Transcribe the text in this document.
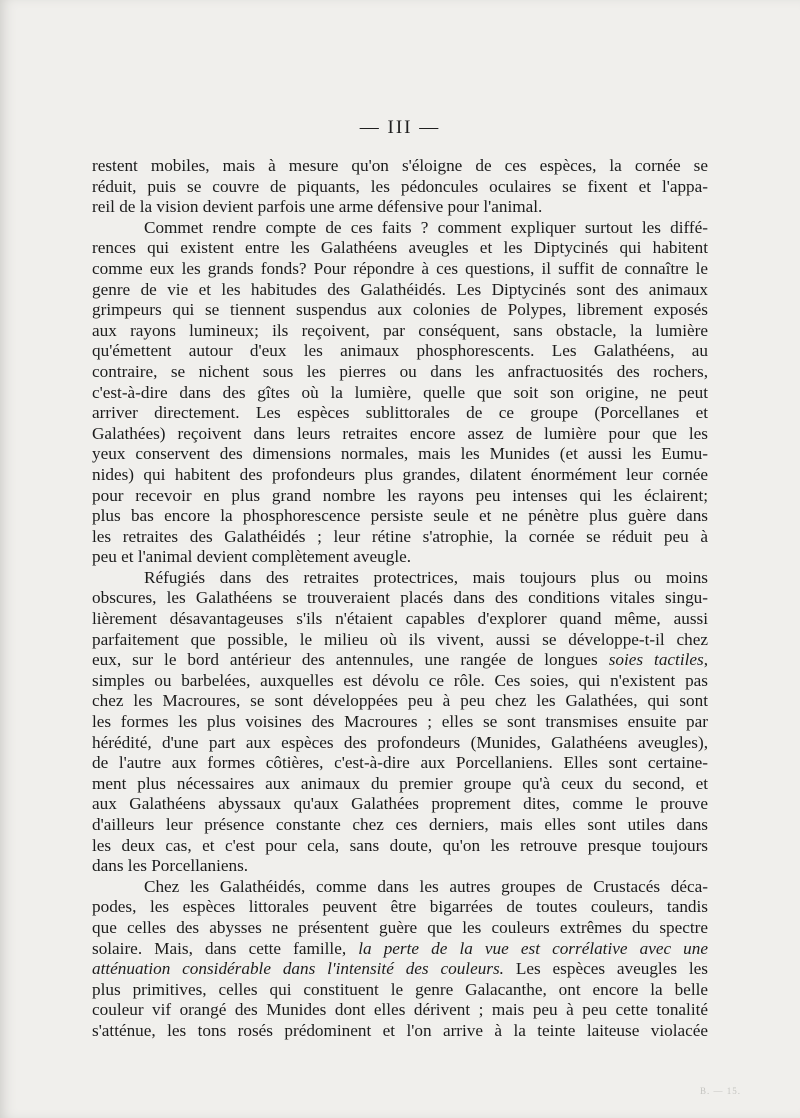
— III —
restent mobiles, mais à mesure qu'on s'éloigne de ces espèces, la cornée se
réduit, puis se couvre de piquants, les pédoncules oculaires se fixent et l'appa-
reil de la vision devient parfois une arme défensive pour l'animal.
Commet rendre compte de ces faits ? comment expliquer surtout les diffé-
rences qui existent entre les Galathéens aveugles et les Diptycinés qui habitent
comme eux les grands fonds? Pour répondre à ces questions, il suffit de connaître le
genre de vie et les habitudes des Galathéidés. Les Diptycinés sont des animaux
grimpeurs qui se tiennent suspendus aux colonies de Polypes, librement exposés
aux rayons lumineux; ils reçoivent, par conséquent, sans obstacle, la lumière
qu'émettent autour d'eux les animaux phosphorescents. Les Galathéens, au
contraire, se nichent sous les pierres ou dans les anfractuosités des rochers,
c'est-à-dire dans des gîtes où la lumière, quelle que soit son origine, ne peut
arriver directement. Les espèces sublittorales de ce groupe (Porcellanes et
Galathées) reçoivent dans leurs retraites encore assez de lumière pour que les
yeux conservent des dimensions normales, mais les Munides (et aussi les Eumu-
nides) qui habitent des profondeurs plus grandes, dilatent énormément leur cornée
pour recevoir en plus grand nombre les rayons peu intenses qui les éclairent;
plus bas encore la phosphorescence persiste seule et ne pénètre plus guère dans
les retraites des Galathéidés ; leur rétine s'atrophie, la cornée se réduit peu à
peu et l'animal devient complètement aveugle.
Réfugiés dans des retraites protectrices, mais toujours plus ou moins
obscures, les Galathéens se trouveraient placés dans des conditions vitales singu-
lièrement désavantageuses s'ils n'étaient capables d'explorer quand même, aussi
parfaitement que possible, le milieu où ils vivent, aussi se développe-t-il chez
eux, sur le bord antérieur des antennules, une rangée de longues soies tactiles,
simples ou barbelées, auxquelles est dévolu ce rôle. Ces soies, qui n'existent pas
chez les Macroures, se sont développées peu à peu chez les Galathées, qui sont
les formes les plus voisines des Macroures ; elles se sont transmises ensuite par
hérédité, d'une part aux espèces des profondeurs (Munides, Galathéens aveugles),
de l'autre aux formes côtières, c'est-à-dire aux Porcellaniens. Elles sont certaine-
ment plus nécessaires aux animaux du premier groupe qu'à ceux du second, et
aux Galathéens abyssaux qu'aux Galathées proprement dites, comme le prouve
d'ailleurs leur présence constante chez ces derniers, mais elles sont utiles dans
les deux cas, et c'est pour cela, sans doute, qu'on les retrouve presque toujours
dans les Porcellaniens.
Chez les Galathéidés, comme dans les autres groupes de Crustacés déca-
podes, les espèces littorales peuvent être bigarrées de toutes couleurs, tandis
que celles des abysses ne présentent guère que les couleurs extrêmes du spectre
solaire. Mais, dans cette famille, la perte de la vue est corrélative avec une
atténuation considérable dans l'intensité des couleurs. Les espèces aveugles les
plus primitives, celles qui constituent le genre Galacanthe, ont encore la belle
couleur vif orangé des Munides dont elles dérivent ; mais peu à peu cette tonalité
s'atténue, les tons rosés prédominent et l'on arrive à la teinte laiteuse violacée
B. — 15.
